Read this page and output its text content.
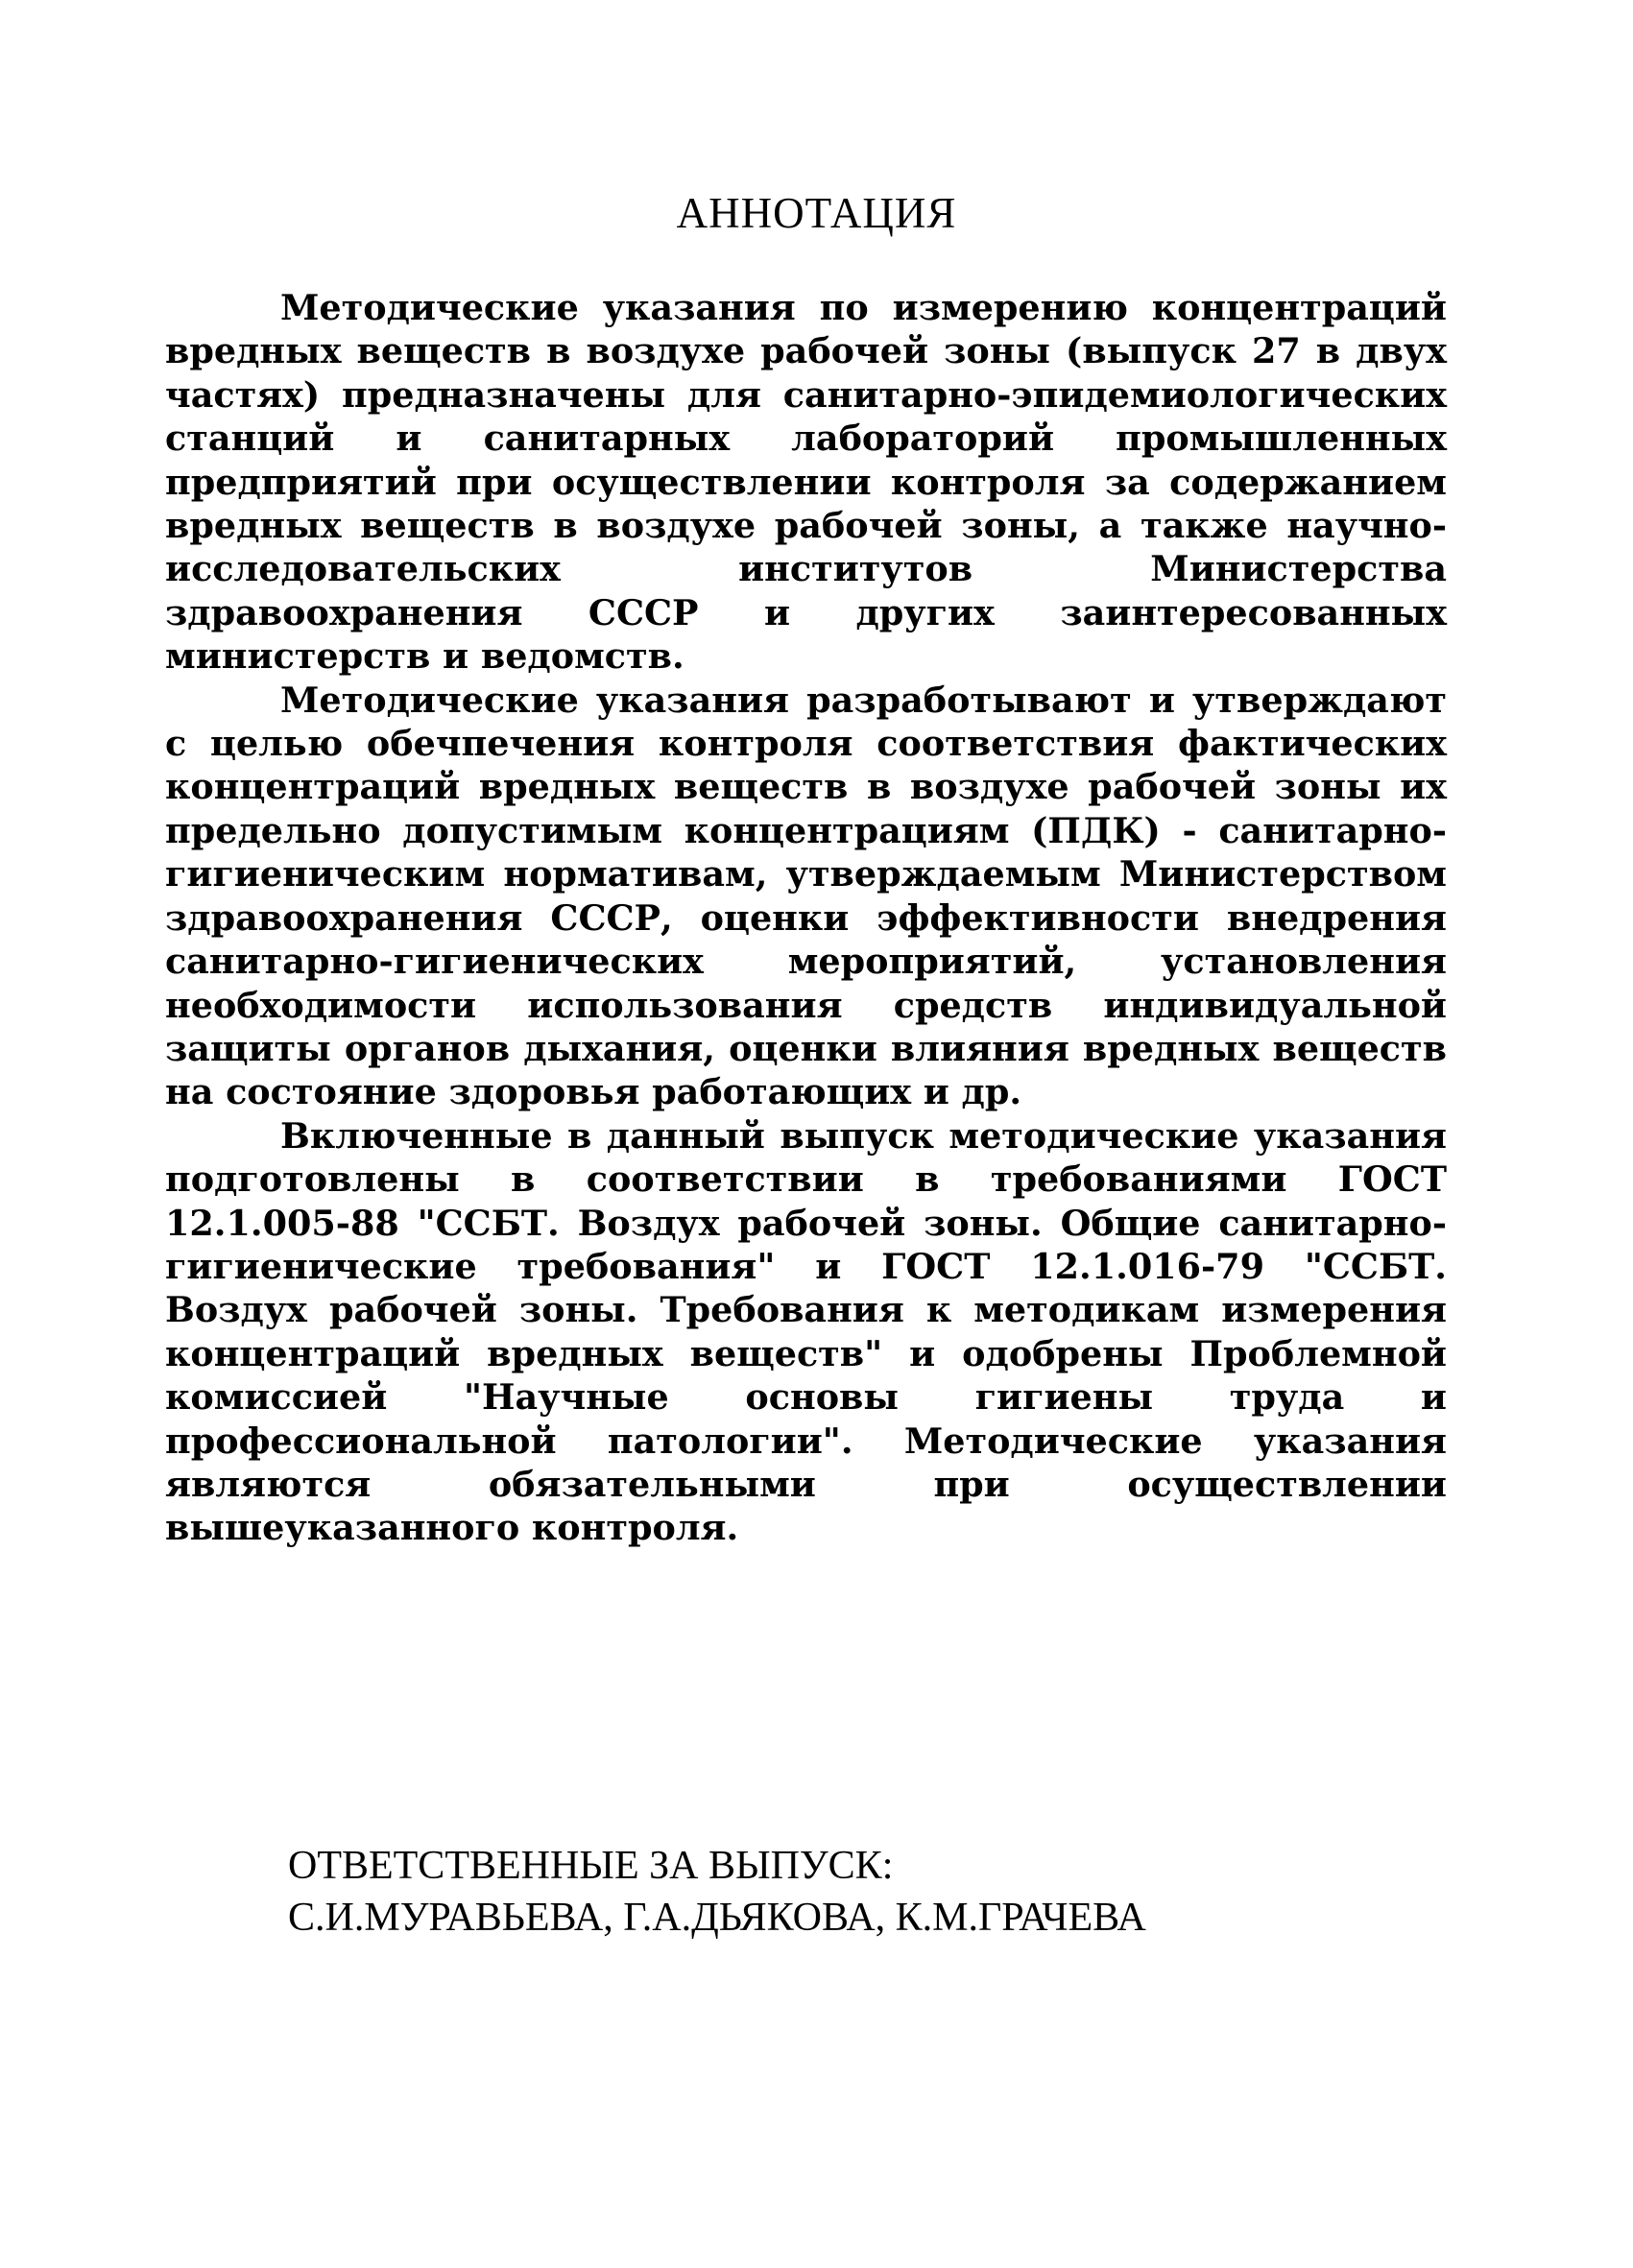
АННОТАЦИЯ

Методические указания по измерению концентраций вредных веществ в воздухе рабочей зоны (выпуск 27 в двух частях) предназначены для санитарно-эпидемиологических станций и санитарных лабораторий промышленных предприятий при осуществлении контроля за содержанием вредных веществ в воздухе рабочей зоны, а также научно-исследовательских институтов Министерства здравоохранения СССР и других заинтересованных министерств и ведомств.

Методические указания разработывают и утверждают с целью обечпечения контроля соответствия фактических концентраций вредных веществ в воздухе рабочей зоны их предельно допустимым концентрациям (ПДК) - санитарно-гигиеническим нормативам, утверждаемым Министерством здравоохранения СССР, оценки эффективности внедрения санитарно-гигиенических мероприятий, установления необходимости использования средств индивидуальной защиты органов дыхания, оценки влияния вредных веществ на состояние здоровья работающих и др.

Включенные в данный выпуск методические указания подготовлены в соответствии в требованиями ГОСТ 12.1.005-88 "ССБТ. Воздух рабочей зоны. Общие санитарно-гигиенические требования" и ГОСТ 12.1.016-79 "ССБТ. Воздух рабочей зоны. Требования к методикам измерения концентраций вредных веществ" и одобрены Проблемной комиссией "Научные основы гигиены труда и профессиональной патологии". Методические указания являются обязательными при осуществлении вышеуказанного контроля.

ОТВЕТСТВЕННЫЕ ЗА ВЫПУСК:
С.И.МУРАВЬЕВА, Г.А.ДЬЯКОВА, К.М.ГРАЧЕВА
